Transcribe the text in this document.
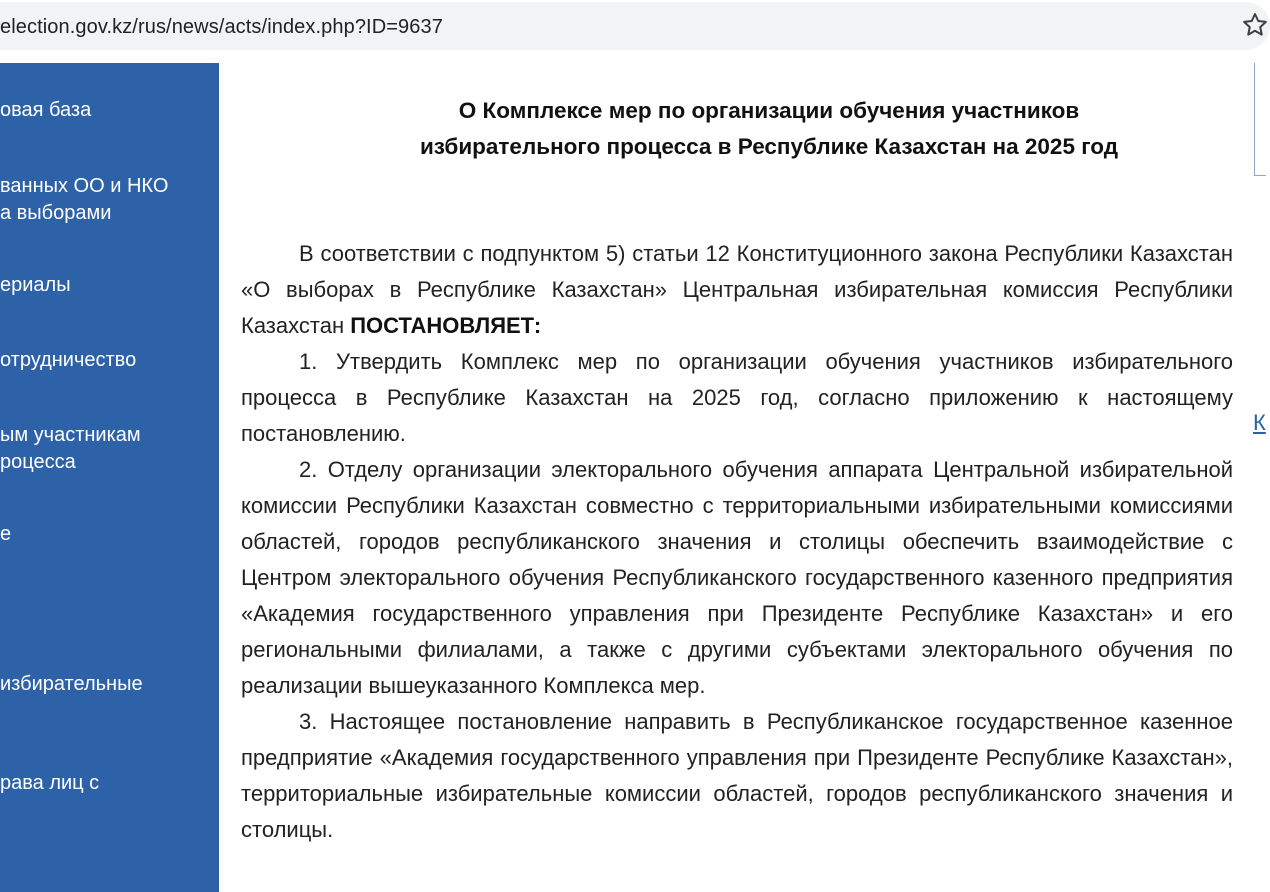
election.gov.kz/rus/news/acts/index.php?ID=9637
овая база
ванных ОО и НКО
а выборами
ериалы
отрудничество
ым участникам
роцесса
е
избирательные
рава лиц с
О Комплексе мер по организации обучения участников
избирательного процесса в Республике Казахстан на 2025 год

В соответствии с подпунктом 5) статьи 12 Конституционного закона Республики Казахстан «О выборах в Республике Казахстан» Центральная избирательная комиссия Республики Казахстан ПОСТАНОВЛЯЕТ:

1. Утвердить Комплекс мер по организации обучения участников избирательного процесса в Республике Казахстан на 2025 год, согласно приложению к настоящему постановлению.

2. Отделу организации электорального обучения аппарата Центральной избирательной комиссии Республики Казахстан совместно с территориальными избирательными комиссиями областей, городов республиканского значения и столицы обеспечить взаимодействие с Центром электорального обучения Республиканского государственного казенного предприятия «Академия государственного управления при Президенте Республике Казахстан» и его региональными филиалами, а также с другими субъектами электорального обучения по реализации вышеуказанного Комплекса мер.

3. Настоящее постановление направить в Республиканское государственное казенное предприятие «Академия государственного управления при Президенте Республике Казахстан», территориальные избирательные комиссии областей, городов республиканского значения и столицы.

К
